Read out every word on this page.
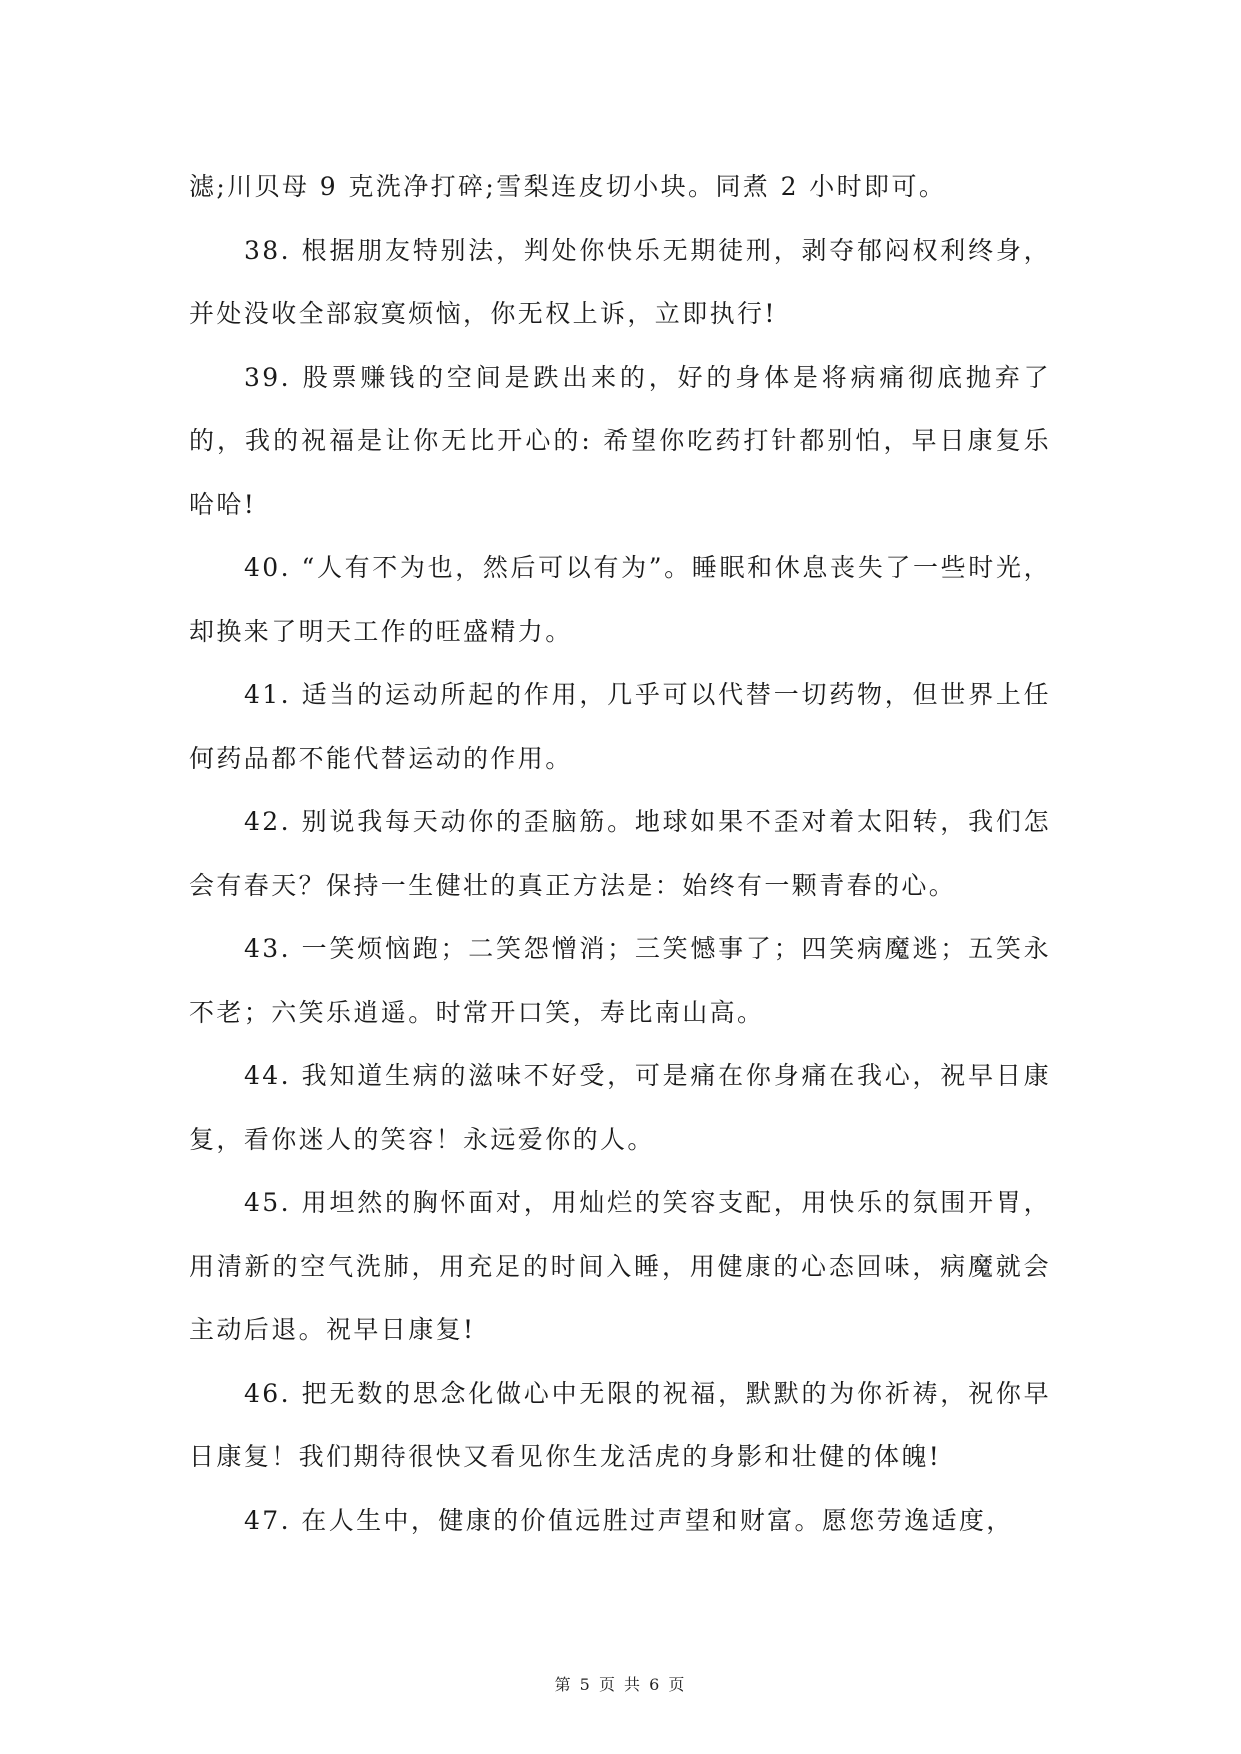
滤;川贝母 9 克洗净打碎;雪梨连皮切小块。同煮 2 小时即可。

38. 根据朋友特别法，判处你快乐无期徒刑，剥夺郁闷权利终身，并处没收全部寂寞烦恼，你无权上诉，立即执行!

39. 股票赚钱的空间是跌出来的，好的身体是将病痛彻底抛弃了的，我的祝福是让你无比开心的: 希望你吃药打针都别怕，早日康复乐哈哈!

40. “人有不为也，然后可以有为”。睡眠和休息丧失了一些时光，却换来了明天工作的旺盛精力。

41. 适当的运动所起的作用，几乎可以代替一切药物，但世界上任何药品都不能代替运动的作用。

42. 别说我每天动你的歪脑筋。地球如果不歪对着太阳转，我们怎会有春天？保持一生健壮的真正方法是：始终有一颗青春的心。

43. 一笑烦恼跑；二笑怨憎消；三笑憾事了；四笑病魔逃；五笑永不老；六笑乐逍遥。时常开口笑，寿比南山高。

44. 我知道生病的滋味不好受，可是痛在你身痛在我心，祝早日康复，看你迷人的笑容！永远爱你的人。

45. 用坦然的胸怀面对，用灿烂的笑容支配，用快乐的氛围开胃，用清新的空气洗肺，用充足的时间入睡，用健康的心态回味，病魔就会主动后退。祝早日康复!

46. 把无数的思念化做心中无限的祝福，默默的为你祈祷，祝你早日康复！我们期待很快又看见你生龙活虎的身影和壮健的体魄!

47. 在人生中，健康的价值远胜过声望和财富。愿您劳逸适度，

第 5 页 共 6 页
